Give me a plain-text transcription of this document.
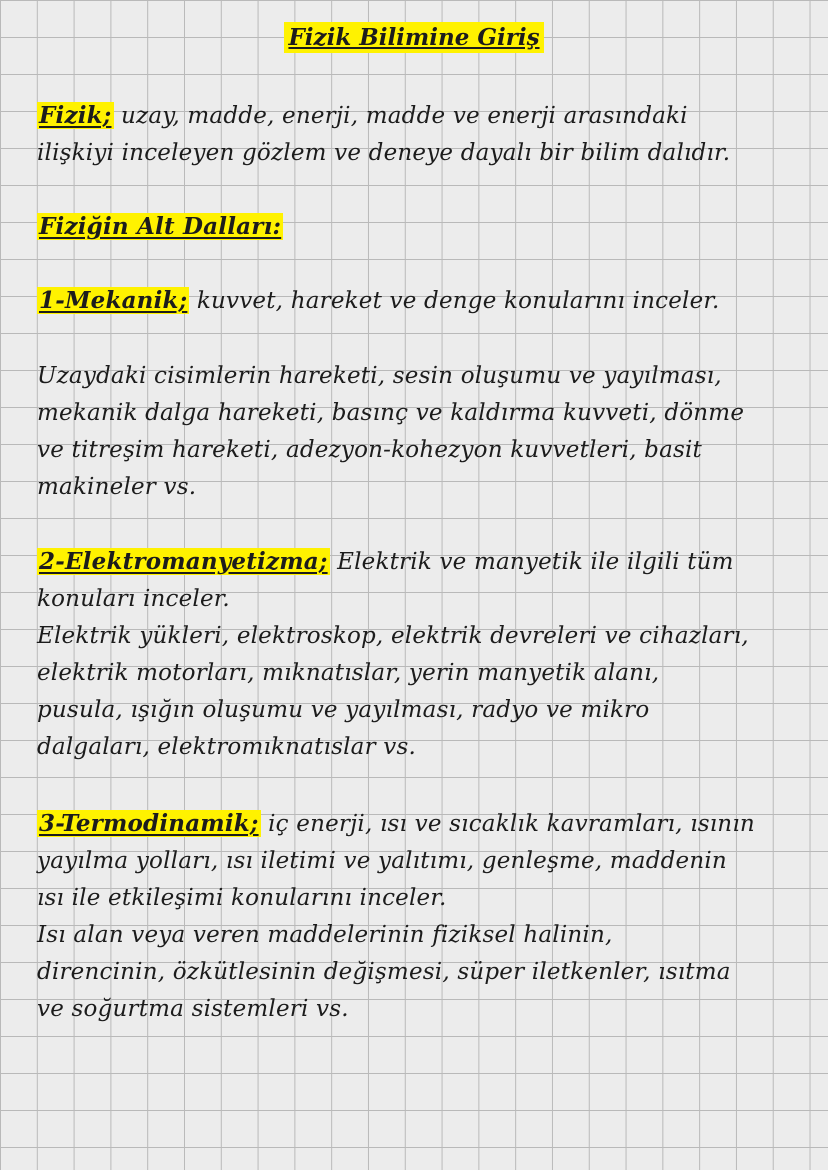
Fizik Bilimine Giriş
Fizik; uzay, madde, enerji, madde ve enerji arasındaki
ilişkiyi inceleyen gözlem ve deneye dayalı bir bilim dalıdır.
Fiziğin Alt Dalları:
1-Mekanik; kuvvet, hareket ve denge konularını inceler.
Uzaydaki cisimlerin hareketi, sesin oluşumu ve yayılması,
mekanik dalga hareketi, basınç ve kaldırma kuvveti, dönme
ve titreşim hareketi, adezyon-kohezyon kuvvetleri, basit
makineler vs.
2-Elektromanyetizma; Elektrik ve manyetik ile ilgili tüm
konuları inceler.
Elektrik yükleri, elektroskop, elektrik devreleri ve cihazları,
elektrik motorları, mıknatıslar, yerin manyetik alanı,
pusula, ışığın oluşumu ve yayılması, radyo ve mikro
dalgaları, elektromıknatıslar vs.
3-Termodinamik; iç enerji, ısı ve sıcaklık kavramları, ısının
yayılma yolları, ısı iletimi ve yalıtımı, genleşme, maddenin
ısı ile etkileşimi konularını inceler.
Isı alan veya veren maddelerinin fiziksel halinin,
direncinin, özkütlesinin değişmesi, süper iletkenler, ısıtma
ve soğurtma sistemleri vs.
